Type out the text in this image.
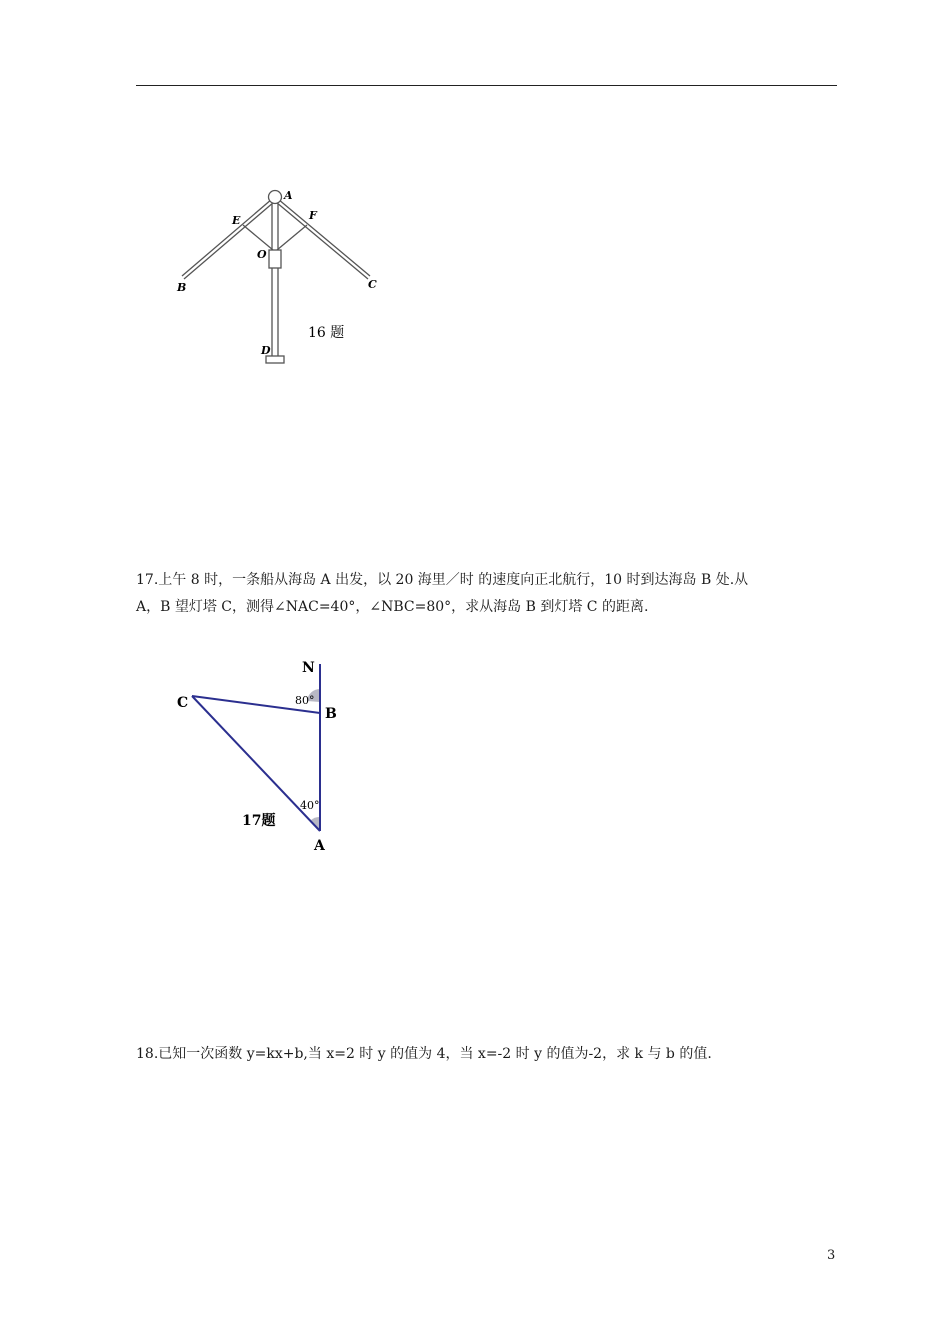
A
E	F
O
B	C
D
16 题
17.上午 8 时，一条船从海岛 A 出发，以 20 海里／时 的速度向正北航行，10 时到达海岛 B 处.从
A，B 望灯塔 C，测得∠NAC=40°，∠NBC=80°，求从海岛 B 到灯塔 C 的距离.
N
B
C
A
80°
40°
17题
18.已知一次函数 y=kx+b,当 x=2 时 y 的值为 4，当 x=-2 时 y 的值为-2，求 k 与 b 的值.
3
